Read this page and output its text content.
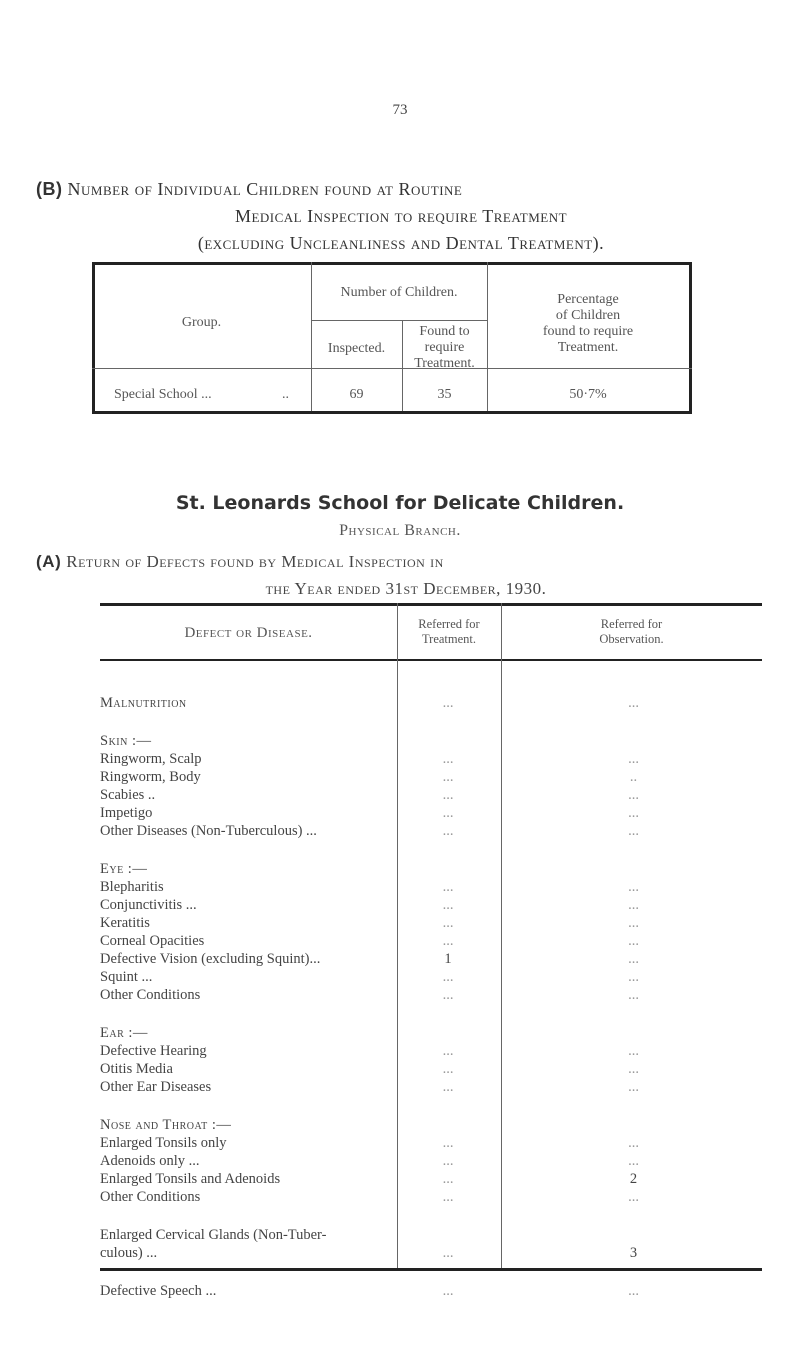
73
(B) Number of Individual Children found at Routine
Medical Inspection to require Treatment
(excluding Uncleanliness and Dental Treatment).
Group.
Number of Children.
Inspected.
Found to
require
Treatment.
Percentage
of Children
found to require
Treatment.
Special School ...	..	69	35	50·7%
St. Leonards School for Delicate Children.
Physical Branch.
(A) Return of Defects found by Medical Inspection in
the Year ended 31st December, 1930.
Defect or Disease.
Referred for
Treatment.
Referred for
Observation.
Malnutrition	...	...
Skin :—
Ringworm, Scalp	...	...
Ringworm, Body	...	..
Scabies ..	...	...
Impetigo	...	...
Other Diseases (Non-Tuberculous) ...	...	...
Eye :—
Blepharitis	...	...
Conjunctivitis ...	...	...
Keratitis	...	...
Corneal Opacities	...	...
Defective Vision (excluding Squint)...	1	...
Squint ...	...	...
Other Conditions	...	...
Ear :—
Defective Hearing	...	...
Otitis Media	...	...
Other Ear Diseases	...	...
Nose and Throat :—
Enlarged Tonsils only	...	...
Adenoids only ...	...	...
Enlarged Tonsils and Adenoids	...	2
Other Conditions	...	...
Enlarged Cervical Glands (Non-Tuber-
culous) ...	...	3
Defective Speech ...	...	...
